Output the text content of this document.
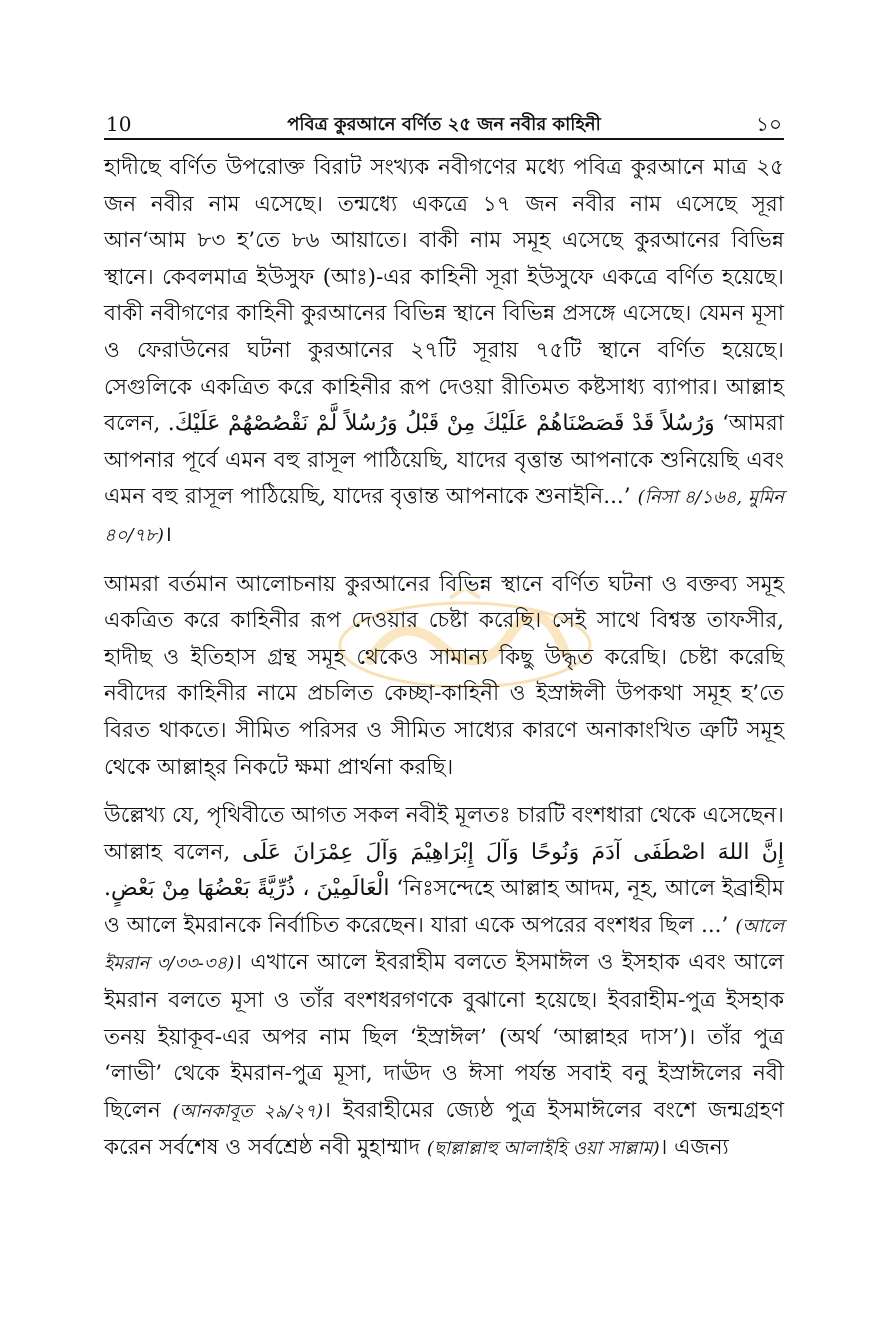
10	পবিত্র কুরআনে বর্ণিত ২৫ জন নবীর কাহিনী	১০

হাদীছে বর্ণিত উপরোক্ত বিরাট সংখ্যক নবীগণের মধ্যে পবিত্র কুরআনে মাত্র ২৫ জন নবীর নাম এসেছে। তন্মধ্যে একত্রে ১৭ জন নবীর নাম এসেছে সূরা আন‘আম ৮৩ হ’তে ৮৬ আয়াতে। বাকী নাম সমূহ এসেছে কুরআনের বিভিন্ন স্থানে। কেবলমাত্র ইউসুফ (আঃ)-এর কাহিনী সূরা ইউসুফে একত্রে বর্ণিত হয়েছে। বাকী নবীগণের কাহিনী কুরআনের বিভিন্ন স্থানে বিভিন্ন প্রসঙ্গে এসেছে। যেমন মূসা ও ফেরাউনের ঘটনা কুরআনের ২৭টি সূরায় ৭৫টি স্থানে বর্ণিত হয়েছে। সেগুলিকে একত্রিত করে কাহিনীর রূপ দেওয়া রীতিমত কষ্টসাধ্য ব্যাপার। আল্লাহ বলেন, وَرُسُلاً قَدْ قَصَصْنَاهُمْ عَلَيْكَ مِنْ قَبْلُ وَرُسُلاً لَّمْ نَقْصُصْهُمْ عَلَيْكَ. ‘আমরা আপনার পূর্বে এমন বহু রাসূল পাঠিয়েছি, যাদের বৃত্তান্ত আপনাকে শুনিয়েছি এবং এমন বহু রাসূল পাঠিয়েছি, যাদের বৃত্তান্ত আপনাকে শুনাইনি...’ (নিসা ৪/১৬৪, মুমিন ৪০/৭৮)।

আমরা বর্তমান আলোচনায় কুরআনের বিভিন্ন স্থানে বর্ণিত ঘটনা ও বক্তব্য সমূহ একত্রিত করে কাহিনীর রূপ দেওয়ার চেষ্টা করেছি। সেই সাথে বিশ্বস্ত তাফসীর, হাদীছ ও ইতিহাস গ্রন্থ সমূহ থেকেও সামান্য কিছু উদ্ধৃত করেছি। চেষ্টা করেছি নবীদের কাহিনীর নামে প্রচলিত কেচ্ছা-কাহিনী ও ইস্রাঈলী উপকথা সমূহ হ’তে বিরত থাকতে। সীমিত পরিসর ও সীমিত সাধ্যের কারণে অনাকাংখিত ত্রুটি সমূহ থেকে আল্লাহ্‌র নিকটে ক্ষমা প্রার্থনা করছি।

উল্লেখ্য যে, পৃথিবীতে আগত সকল নবীই মূলতঃ চারটি বংশধারা থেকে এসেছেন। আল্লাহ বলেন, إِنَّ اللهَ اصْطَفَى آدَمَ وَنُوحًا وَآلَ إِبْرَاهِيْمَ وَآلَ عِمْرَانَ عَلَى الْعَالَمِيْنَ ، ذُرِّيَّةً بَعْضُهَا مِنْ بَعْضٍ. ‘নিঃসন্দেহে আল্লাহ আদম, নূহ, আলে ইব্রাহীম ও আলে ইমরানকে নির্বাচিত করেছেন। যারা একে অপরের বংশধর ছিল ...’ (আলে ইমরান ৩/৩৩-৩৪)। এখানে আলে ইবরাহীম বলতে ইসমাঈল ও ইসহাক এবং আলে ইমরান বলতে মূসা ও তাঁর বংশধরগণকে বুঝানো হয়েছে। ইবরাহীম-পুত্র ইসহাক তনয় ইয়াকূব-এর অপর নাম ছিল ‘ইস্রাঈল’ (অর্থ ‘আল্লাহর দাস’)। তাঁর পুত্র ‘লাভী’ থেকে ইমরান-পুত্র মূসা, দাঊদ ও ঈসা পর্যন্ত সবাই বনু ইস্রাঈলের নবী ছিলেন (আনকাবূত ২৯/২৭)। ইবরাহীমের জ্যেষ্ঠ পুত্র ইসমাঈলের বংশে জন্মগ্রহণ করেন সর্বশেষ ও সর্বশ্রেষ্ঠ নবী মুহাম্মাদ (ছাল্লাল্লাহু আলাইহি ওয়া সাল্লাম)। এজন্য
